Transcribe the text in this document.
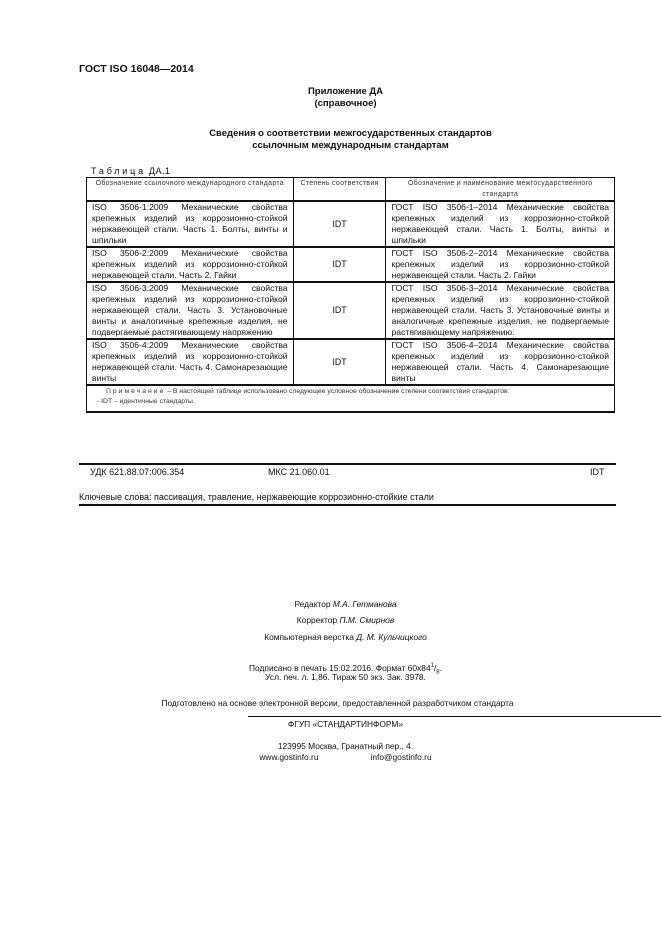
ГОСТ ISO 16048—2014
Приложение ДА
(справочное)
Сведения о соответствии межгосударственных стандартов
ссылочным международным стандартам
Таблица ДА.1
Обозначение ссылочного международного стандарта	Степень соответствия	Обозначение и наименование межгосударственного стандарта
ISO 3506-1:2009 Механические свойства крепежных изделий из коррозионно-стойкой нержавеющей стали. Часть 1. Болты, винты и шпильки	IDT	ГОСТ ISO 3506-1–2014 Механические свойства крепежных изделий из коррозионно-стойкой нержавеющей стали. Часть 1. Болты, винты и шпильки
ISO 3506-2:2009 Механические свойства крепежных изделий из коррозионно-стойкой нержавеющей стали. Часть 2. Гайки	IDT	ГОСТ ISO 3506-2–2014 Механические свойства крепежных изделий из коррозионно-стойкой нержавеющей стали. Часть 2. Гайки
ISO 3506-3:2009 Механические свойства крепежных изделий из коррозионно-стойкой нержавеющей стали. Часть 3. Установочные винты и аналогичные крепежные изделия, не подвергаемые растягивающему напряжению	IDT	ГОСТ ISO 3506-3–2014 Механические свойства крепежных изделий из коррозионно-стойкой нержавеющей стали. Часть 3. Установочные винты и аналогичные крепежные изделия, не подвергаемые растягивающему напряжению.
ISO 3506-4:2009 Механические свойства крепежных изделий из коррозионно-стойкой нержавеющей стали. Часть 4. Самонарезающие винты	IDT	ГОСТ ISO 3506-4–2014 Механические свойства крепежных изделий из коррозионно-стойкой нержавеющей стали. Часть 4. Самонарезающие винты

Примечание – В настоящей таблице использовано следующее условное обозначение степени соответствия стандартов:
- IDT – идентичные стандарты.		
УДК 621.88.07:006.354	МКС 21.060.01	IDT
Ключевые слова: пассивация, травление, нержавеющие коррозионно-стойкие стали
Редактор М.А. Гетманова
Корректор П.М. Смирнов
Компьютерная верстка Д. М. Кульчицкого
Подписано в печать 15.02.2016. Формат $60x84^1/_8$.
Усл. печ. л. 1,86. Тираж 50 экз. Зак. 3978.
Подготовлено на основе электронной версии, предоставленной разработчиком стандарта
ФГУП «СТАНДАРТИНФОРМ»
123995 Москва, Гранатный пер., 4.
www.gostinfo.ru	info@gostinfo.ru
